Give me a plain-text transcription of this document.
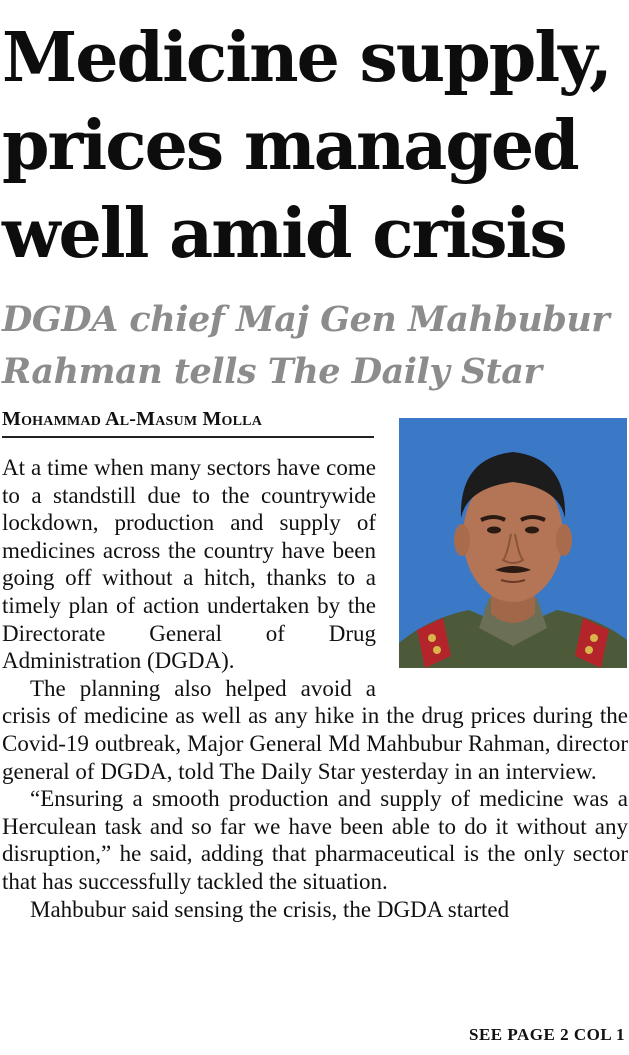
Medicine supply,
prices managed
well amid crisis
DGDA chief Maj Gen Mahbubur
Rahman tells The Daily Star
Mohammad Al-Masum Molla

At a time when many sectors have come to a standstill due to the countrywide lockdown, production and supply of medicines across the country have been going off without a hitch, thanks to a timely plan of action undertaken by the Directorate General of Drug Administration (DGDA).

The planning also helped avoid a crisis of medicine as well as any hike in the drug prices during the Covid-19 outbreak, Major General Md Mahbubur Rahman, director general of DGDA, told The Daily Star yesterday in an interview.

“Ensuring a smooth production and supply of medicine was a Herculean task and so far we have been able to do it without any disruption,” he said, adding that pharmaceutical is the only sector that has successfully tackled the situation.

Mahbubur said sensing the crisis, the DGDA started

SEE PAGE 2 COL 1
